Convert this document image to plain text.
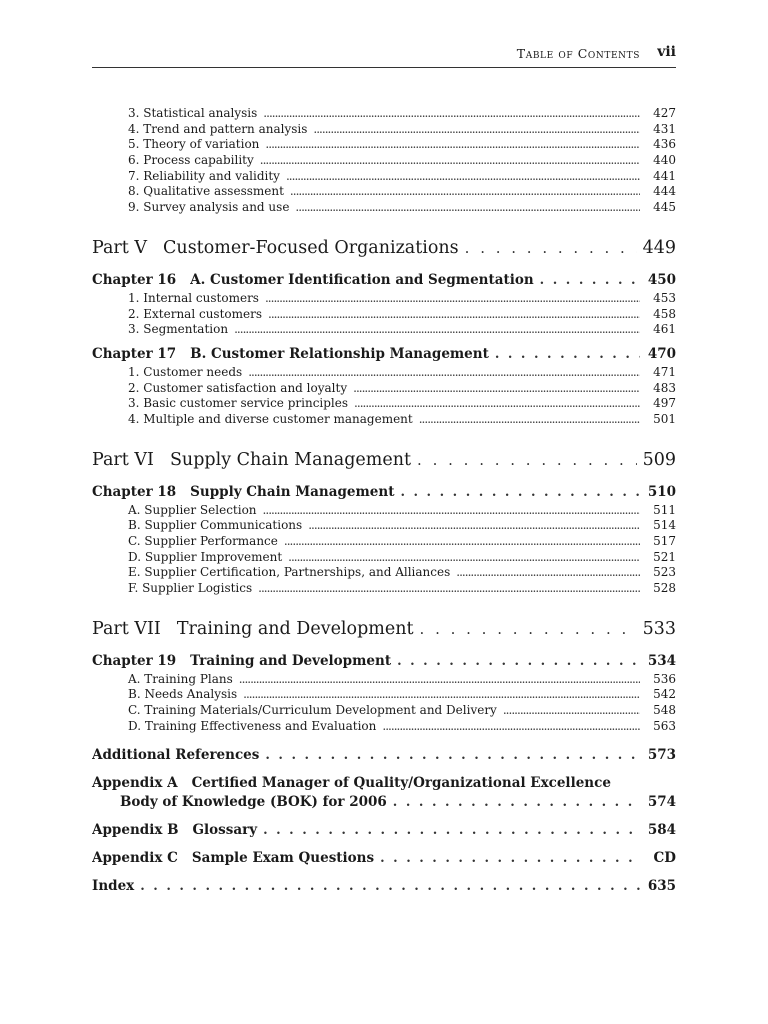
Table of Contents vii
3. Statistical analysis . . .	427
4. Trend and pattern analysis . . .	431
5. Theory of variation . . .	436
6. Process capability . . .	440
7. Reliability and validity . . .	441
8. Qualitative assessment . . .	444
9. Survey analysis and use . . .	445
Part V Customer-Focused Organizations . . .	449
Chapter 16 A. Customer Identification and Segmentation . . .	450
1. Internal customers . . .	453
2. External customers . . .	458
3. Segmentation . . .	461
Chapter 17 B. Customer Relationship Management . . .	470
1. Customer needs . . .	471
2. Customer satisfaction and loyalty . . .	483
3. Basic customer service principles . . .	497
4. Multiple and diverse customer management . . .	501
Part VI Supply Chain Management . . .	509
Chapter 18 Supply Chain Management . . .	510
A. Supplier Selection . . .	511
B. Supplier Communications . . .	514
C. Supplier Performance . . .	517
D. Supplier Improvement . . .	521
E. Supplier Certification, Partnerships, and Alliances . . .	523
F. Supplier Logistics . . .	528
Part VII Training and Development . . .	533
Chapter 19 Training and Development . . .	534
A. Training Plans . . .	536
B. Needs Analysis . . .	542
C. Training Materials/Curriculum Development and Delivery . . .	548
D. Training Effectiveness and Evaluation . . .	563
Additional References . . .	573
Appendix A Certified Manager of Quality/Organizational Excellence
Body of Knowledge (BOK) for 2006 . . .	574
Appendix B Glossary . . .	584
Appendix C Sample Exam Questions . . .	CD
Index . . .	635
